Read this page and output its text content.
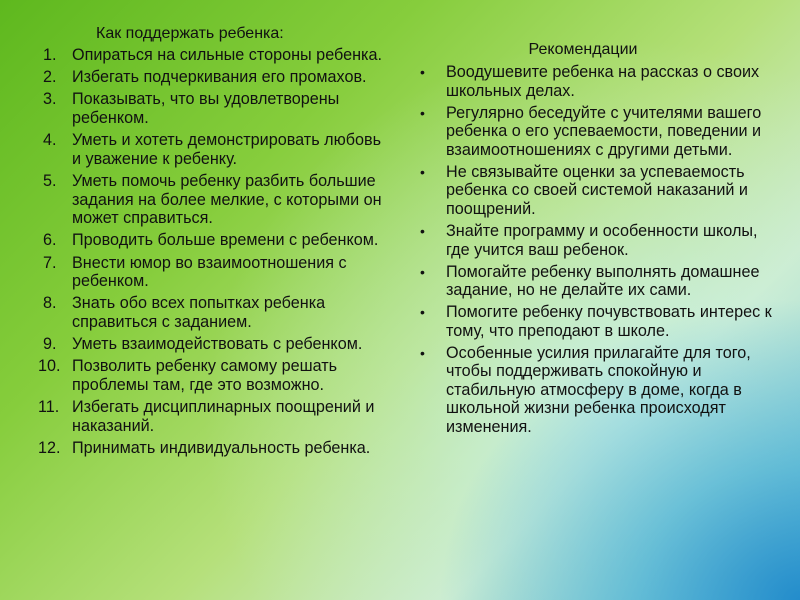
Как поддержать ребенка:
1. Опираться на сильные стороны ребенка.
2. Избегать подчеркивания его промахов.
3. Показывать, что вы удовлетворены ребенком.
4. Уметь и хотеть демонстрировать любовь и уважение к ребенку.
5. Уметь помочь ребенку разбить большие задания на более мелкие, с которыми он может справиться.
6. Проводить больше времени с ребенком.
7. Внести юмор во взаимоотношения с ребенком.
8. Знать обо всех попытках ребенка справиться с заданием.
9. Уметь взаимодействовать с ребенком.
10. Позволить ребенку самому решать проблемы там, где это возможно.
11. Избегать дисциплинарных поощрений и наказаний.
12. Принимать индивидуальность ребенка.
Рекомендации
• Воодушевите ребенка на рассказ о своих школьных делах.
• Регулярно беседуйте с учителями вашего ребенка о его успеваемости, поведении и взаимоотношениях с другими детьми.
• Не связывайте оценки за успеваемость ребенка со своей системой наказаний и поощрений.
• Знайте программу и особенности школы, где учится ваш ребенок.
• Помогайте ребенку выполнять домашнее задание, но не делайте их сами.
• Помогите ребенку почувствовать интерес к тому, что преподают в школе.
• Особенные усилия прилагайте для того, чтобы поддерживать спокойную и стабильную атмосферу в доме, когда в школьной жизни ребенка происходят изменения.
